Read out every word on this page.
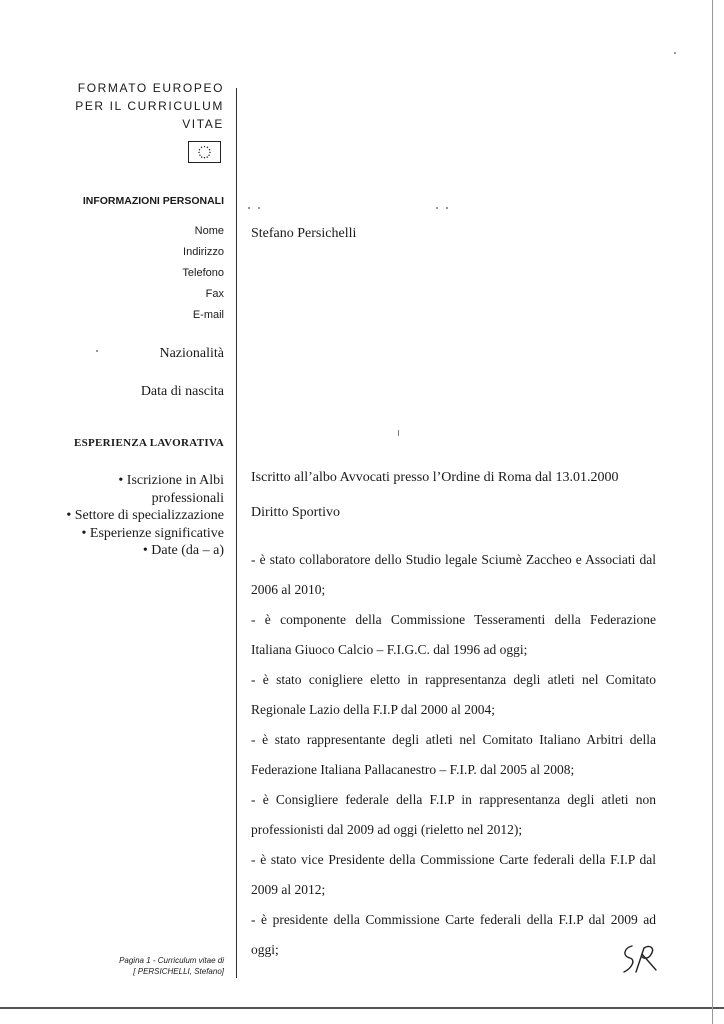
FORMATO EUROPEO
PER IL CURRICULUM
VITAE
INFORMAZIONI PERSONALI
Nome
Indirizzo
Telefono
Fax
E-mail
Stefano Persichelli
Nazionalità
Data di nascita
ESPERIENZA LAVORATIVA
• Iscrizione in Albi
professionali
• Settore di specializzazione
• Esperienze significative
• Date (da – a)
Iscritto all’albo Avvocati presso l’Ordine di Roma dal 13.01.2000
Diritto Sportivo

- è stato collaboratore dello Studio legale Sciumè Zaccheo e Associati dal 2006 al 2010;

- è componente della Commissione Tesseramenti della Federazione Italiana Giuoco Calcio – F.I.G.C. dal 1996 ad oggi;

- è stato conigliere eletto in rappresentanza degli atleti nel Comitato Regionale Lazio della F.I.P dal 2000 al 2004;

- è stato rappresentante degli atleti nel Comitato Italiano Arbitri della Federazione Italiana Pallacanestro – F.I.P. dal 2005 al 2008;

- è Consigliere federale della F.I.P in rappresentanza degli atleti non professionisti dal 2009 ad oggi (rieletto nel 2012);

- è stato vice Presidente della Commissione Carte federali della F.I.P dal 2009 al 2012;

- è presidente della Commissione Carte federali della F.I.P dal 2009 ad oggi;

Pagina 1 - Curriculum vitae di
[ PERSICHELLI, Stefano]
